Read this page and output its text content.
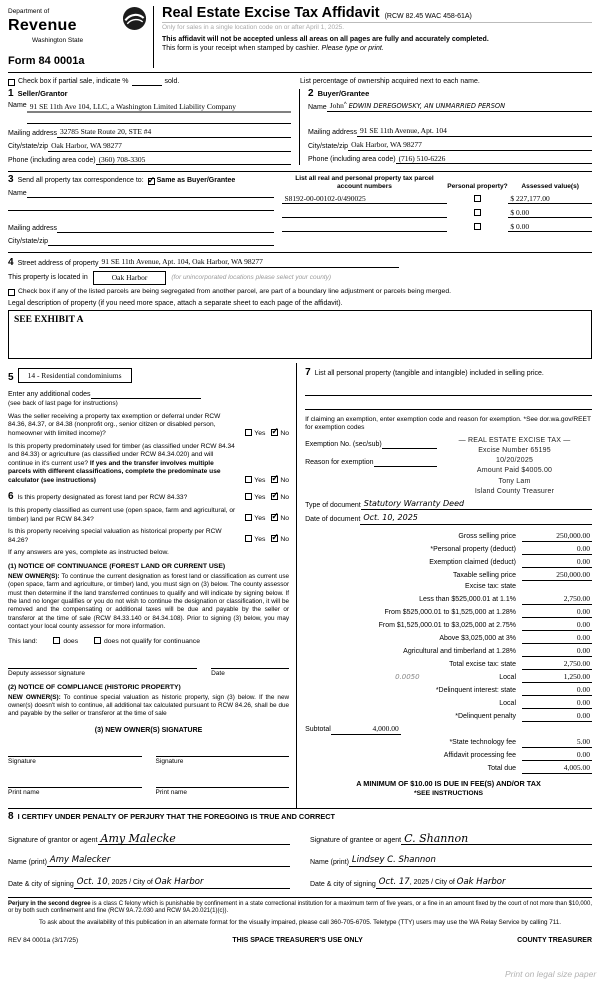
Department of
Revenue
Washington State
Form 84 0001a
Real Estate Excise Tax Affidavit (RCW 82.45 WAC 458-61A)
Only for sales in a single location code on or after April 1, 2025.
This affidavit will not be accepted unless all areas on all pages are fully and accurately completed.
This form is your receipt when stamped by cashier. Please type or print.
Check box if partial sale, indicate %	sold.	List percentage of ownership acquired next to each name.
1 Seller/Grantor
Name 91 SE 11th Ave 104, LLC, a Washington Limited Liability Company
Mailing address 32785 State Route 20, STE #4
City/state/zip Oak Harbor, WA 98277
Phone (including area code) (360) 708-3305
2 Buyer/Grantee
Name John^ EDWIN DEREGOWSKY, AN UNMARRIED PERSON
Mailing address 91 SE 11th Avenue, Apt. 104
City/state/zip Oak Harbor, WA 98277
Phone (including area code) (716) 510-6226
3 Send all property tax correspondence to: ✓ Same as Buyer/Grantee
Name
Mailing address
City/state/zip
List all real and personal property tax parcel account numbers	Personal property?	Assessed value(s)
S8192-00-00102-0/490025	$ 227,177.00
$ 0.00
$ 0.00
4 Street address of property 91 SE 11th Avenue, Apt. 104, Oak Harbor, WA 98277
This property is located in	Oak Harbor	(for unincorporated locations please select your county)
Check box if any of the listed parcels are being segregated from another parcel, are part of a boundary line adjustment or parcels being merged.
Legal description of property (if you need more space, attach a separate sheet to each page of the affidavit).
SEE EXHIBIT A
5	14 - Residential condominiums
Enter any additional codes
(see back of last page for instructions)
Was the seller receiving a property tax exemption or deferral under RCW 84.36, 84.37, or 84.38 (nonprofit org., senior citizen or disabled person, homeowner with limited income)?	Yes ✓ No
Is this property predominately used for timber (as classified under RCW 84.34 and 84.33) or agriculture (as classified under RCW 84.34.020) and will continue in it's current use? If yes and the transfer involves multiple parcels with different classifications, complete the predominate use calculator (see instructions)	Yes ✓ No
6 Is this property designated as forest land per RCW 84.33?	Yes ✓ No
Is this property classified as current use (open space, farm and agricultural, or timber) land per RCW 84.34?	Yes ✓ No
Is this property receiving special valuation as historical property per RCW 84.26?	Yes ✓ No
If any answers are yes, complete as instructed below.
(1) NOTICE OF CONTINUANCE (FOREST LAND OR CURRENT USE)
NEW OWNER(S): To continue the current designation as forest land or classification as current use (open space, farm and agriculture, or timber) land, you must sign on (3) below. The county assessor must then determine if the land transferred continues to qualify and will indicate by signing below. If the land no longer qualifies or you do not wish to continue the designation or classification, it will be removed and the compensating or additional taxes will be due and payable by the seller or transferor at the time of sale (RCW 84.33.140 or 84.34.108). Prior to signing (3) below, you may contact your local county assessor for more information.
This land:	does	does not qualify for continuance
Deputy assessor signature	Date
(2) NOTICE OF COMPLIANCE (HISTORIC PROPERTY)
NEW OWNER(S): To continue special valuation as historic property, sign (3) below. If the new owner(s) doesn't wish to continue, all additional tax calculated pursuant to RCW 84.26, shall be due and payable by the seller or transferor at the time of sale
(3) NEW OWNER(S) SIGNATURE
Signature	Signature
Print name	Print name
7 List all personal property (tangible and intangible) included in selling price.
If claiming an exemption, enter exemption code and reason for exemption. *See dor.wa.gov/REET for exemption codes
Exemption No. (sec/sub)
Reason for exemption
— REAL ESTATE EXCISE TAX —
Excise Number 65195
10/20/2025
Amount Paid $4005.00
Tony Lam
Island County Treasurer
Type of document Statutory Warranty Deed
Date of document Oct. 10, 2025
Gross selling price	250,000.00
*Personal property (deduct)	0.00
Exemption claimed (deduct)	0.00
Taxable selling price	250,000.00
Excise tax: state
Less than $525,000.01 at 1.1%	2,750.00
From $525,000.01 to $1,525,000 at 1.28%	0.00
From $1,525,000.01 to $3,025,000 at 2.75%	0.00
Above $3,025,000 at 3%	0.00
Agricultural and timberland at 1.28%	0.00
Total excise tax: state	2,750.00
0.0050	Local	1,250.00
*Delinquent interest: state	0.00
Local	0.00
*Delinquent penalty	0.00
Subtotal	4,000.00
*State technology fee	5.00
Affidavit processing fee	0.00
Total due	4,005.00
A MINIMUM OF $10.00 IS DUE IN FEE(S) AND/OR TAX
*SEE INSTRUCTIONS
8 I CERTIFY UNDER PENALTY OF PERJURY THAT THE FOREGOING IS TRUE AND CORRECT
Signature of grantor or agent Amy Malecke
Name (print) Amy Malecker
Date & city of signing Oct. 10, 2025 / City of Oak Harbor
Signature of grantee or agent C. Shannon
Name (print) Lindsey C. Shannon
Date & city of signing Oct. 17, 2025 / City of Oak Harbor
Perjury in the second degree is a class C felony which is punishable by confinement in a state correctional institution for a maximum term of five years, or a fine in an amount fixed by the court of not more than $10,000, or by both such confinement and fine (RCW 9A.72.030 and RCW 9A.20.021(1)(c)).
To ask about the availability of this publication in an alternate format for the visually impaired, please call 360-705-6705. Teletype (TTY) users may use the WA Relay Service by calling 711.
REV 84 0001a (3/17/25)	THIS SPACE TREASURER'S USE ONLY	COUNTY TREASURER
Print on legal size paper
